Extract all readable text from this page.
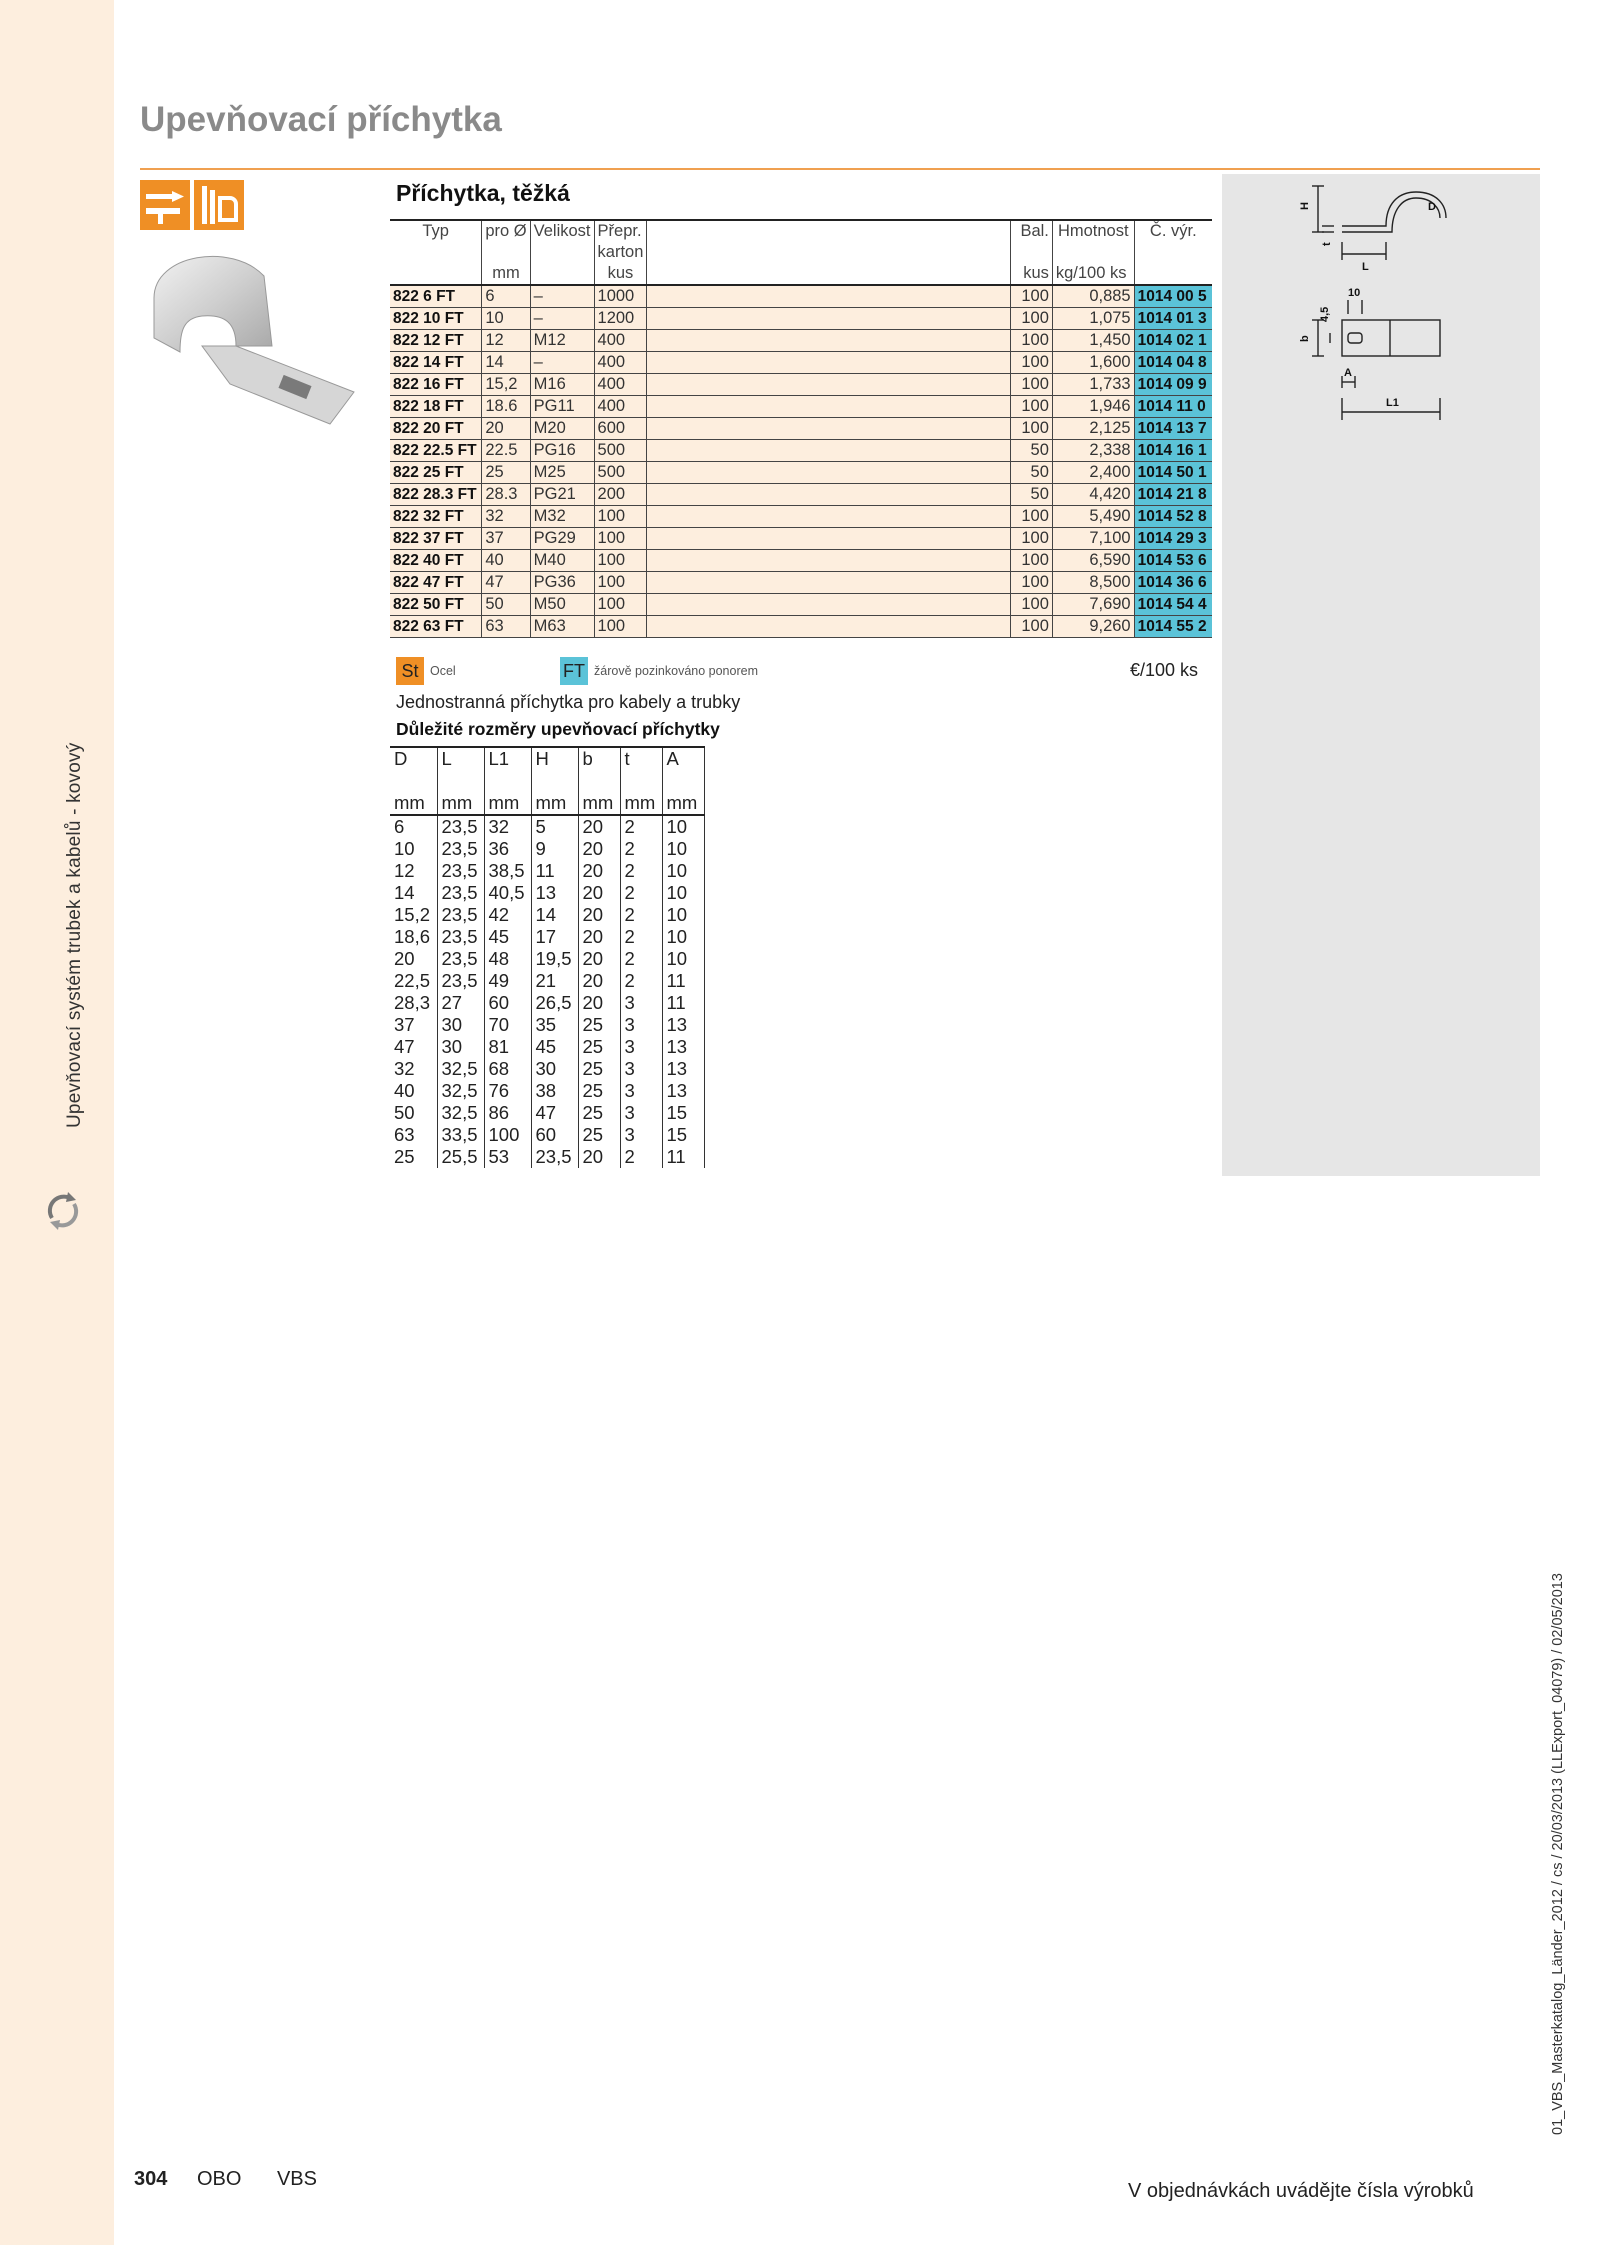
Upevňovací systém trubek a kabelů - kovový
Upevňovací příchytka
H
t
D
L
b
4,5
10
A
L1
Příchytka, těžká
Typ	pro Ø	Velikost	Přepr.		Bal.	Hmotnost	Č. výr.
			karton				
	mm		kus		kus	kg/100 ks	
822 6 FT	6	–	1000		100	0,885	1014 00 5
822 10 FT	10	–	1200		100	1,075	1014 01 3
822 12 FT	12	M12	400		100	1,450	1014 02 1
822 14 FT	14	–	400		100	1,600	1014 04 8
822 16 FT	15,2	M16	400		100	1,733	1014 09 9
822 18 FT	18.6	PG11	400		100	1,946	1014 11 0
822 20 FT	20	M20	600		100	2,125	1014 13 7
822 22.5 FT	22.5	PG16	500		50	2,338	1014 16 1
822 25 FT	25	M25	500		50	2,400	1014 50 1
822 28.3 FT	28.3	PG21	200		50	4,420	1014 21 8
822 32 FT	32	M32	100		100	5,490	1014 52 8
822 37 FT	37	PG29	100		100	7,100	1014 29 3
822 40 FT	40	M40	100		100	6,590	1014 53 6
822 47 FT	47	PG36	100		100	8,500	1014 36 6
822 50 FT	50	M50	100		100	7,690	1014 54 4
822 63 FT	63	M63	100		100	9,260	1014 55 2
St Ocel	FT žárově pozinkováno ponorem	€/100 ks
Jednostranná příchytka pro kabely a trubky
Důležité rozměry upevňovací příchytky
D	L	L1	H	b	t	A

mm	mm	mm	mm	mm	mm	mm
6	23,5	32	5	20	2	10
10	23,5	36	9	20	2	10
12	23,5	38,5	11	20	2	10
14	23,5	40,5	13	20	2	10
15,2	23,5	42	14	20	2	10
18,6	23,5	45	17	20	2	10
20	23,5	48	19,5	20	2	10
22,5	23,5	49	21	20	2	11
28,3	27	60	26,5	20	3	11
37	30	70	35	25	3	13
47	30	81	45	25	3	13
32	32,5	68	30	25	3	13
40	32,5	76	38	25	3	13
50	32,5	86	47	25	3	15
63	33,5	100	60	25	3	15
25	25,5	53	23,5	20	2	11
01_VBS_Masterkatalog_Länder_2012 / cs / 20/03/2013 (LLExport_04079) / 02/05/2013
304 OBO VBS
V objednávkách uvádějte čísla výrobků
